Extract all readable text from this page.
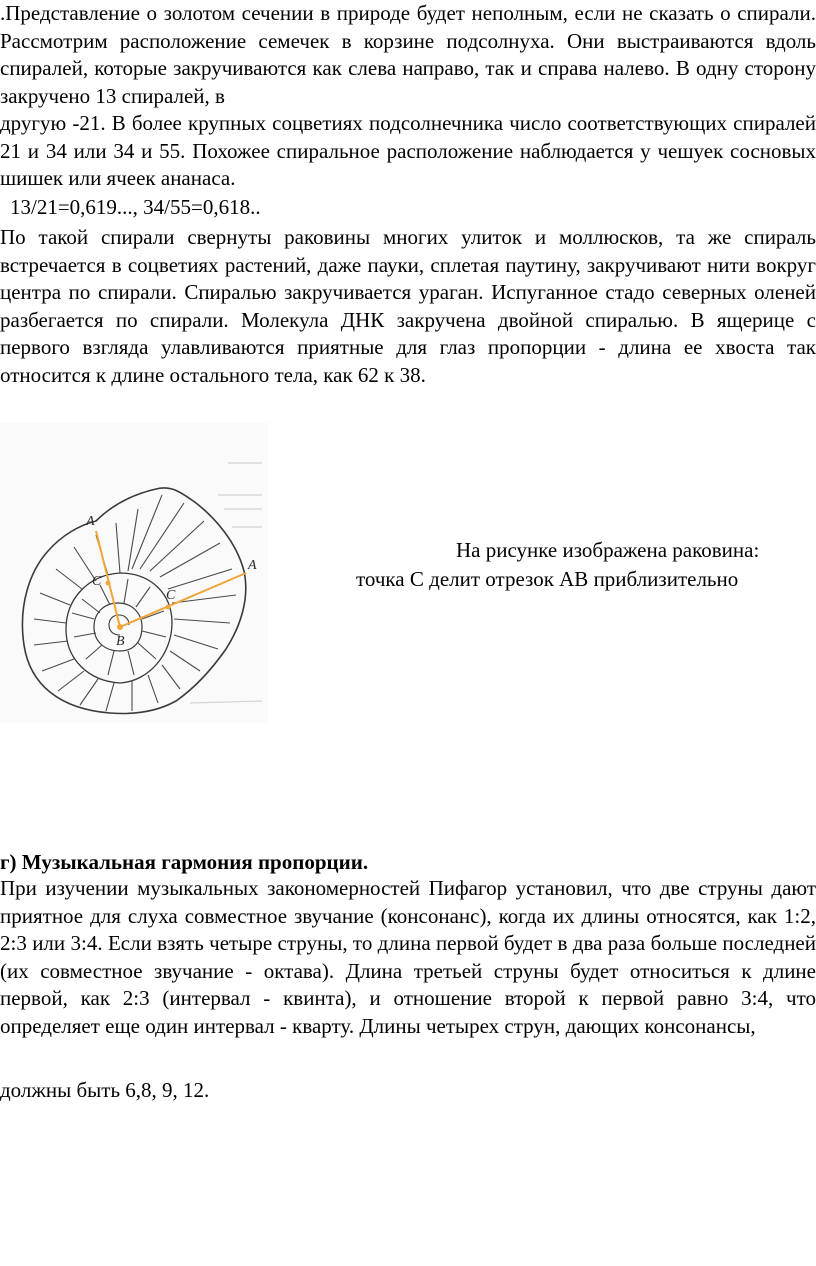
.Представление о золотом сечении в природе будет неполным, если не сказать о спирали. Рассмотрим расположение семечек в корзине подсолнуха. Они выстраиваются вдоль спиралей, которые закручиваются как слева направо, так и справа налево. В одну сторону закручено 13 спиралей, в

другую -21. В более крупных соцветиях подсолнечника число соответствующих спиралей 21 и 34 или 34 и 55. Похожее спиральное расположение наблюдается у чешуек сосновых шишек или ячеек ананаса.

13/21=0,619..., 34/55=0,618..

По такой спирали свернуты раковины многих улиток и моллюсков, та же спираль встречается в соцветиях растений, даже пауки, сплетая паутину, закручивают нити вокруг центра по спирали. Спиралью закручивается ураган. Испуганное стадо северных оленей разбегается по спирали. Молекула ДНК закручена двойной спиралью. В ящерице с первого взгляда улавливаются приятные для глаз пропорции - длина ее хвоста так относится к длине остального тела, как 62 к 38.

A
A
C
C
B
На рисунке изображена раковина:
точка С делит отрезок АВ приблизительно
г) Музыкальная гармония пропорции.

При изучении музыкальных закономерностей Пифагор установил, что две струны дают приятное для слуха совместное звучание (консонанс), когда их длины относятся, как 1:2, 2:3 или 3:4. Если взять четыре струны, то длина первой будет в два раза больше последней (их совместное звучание - октава). Длина третьей струны будет относиться к длине первой, как 2:3 (интервал - квинта), и отношение второй к первой равно 3:4, что определяет еще один интервал - кварту. Длины четырех струн, дающих консонансы,

должны быть 6,8, 9, 12.
